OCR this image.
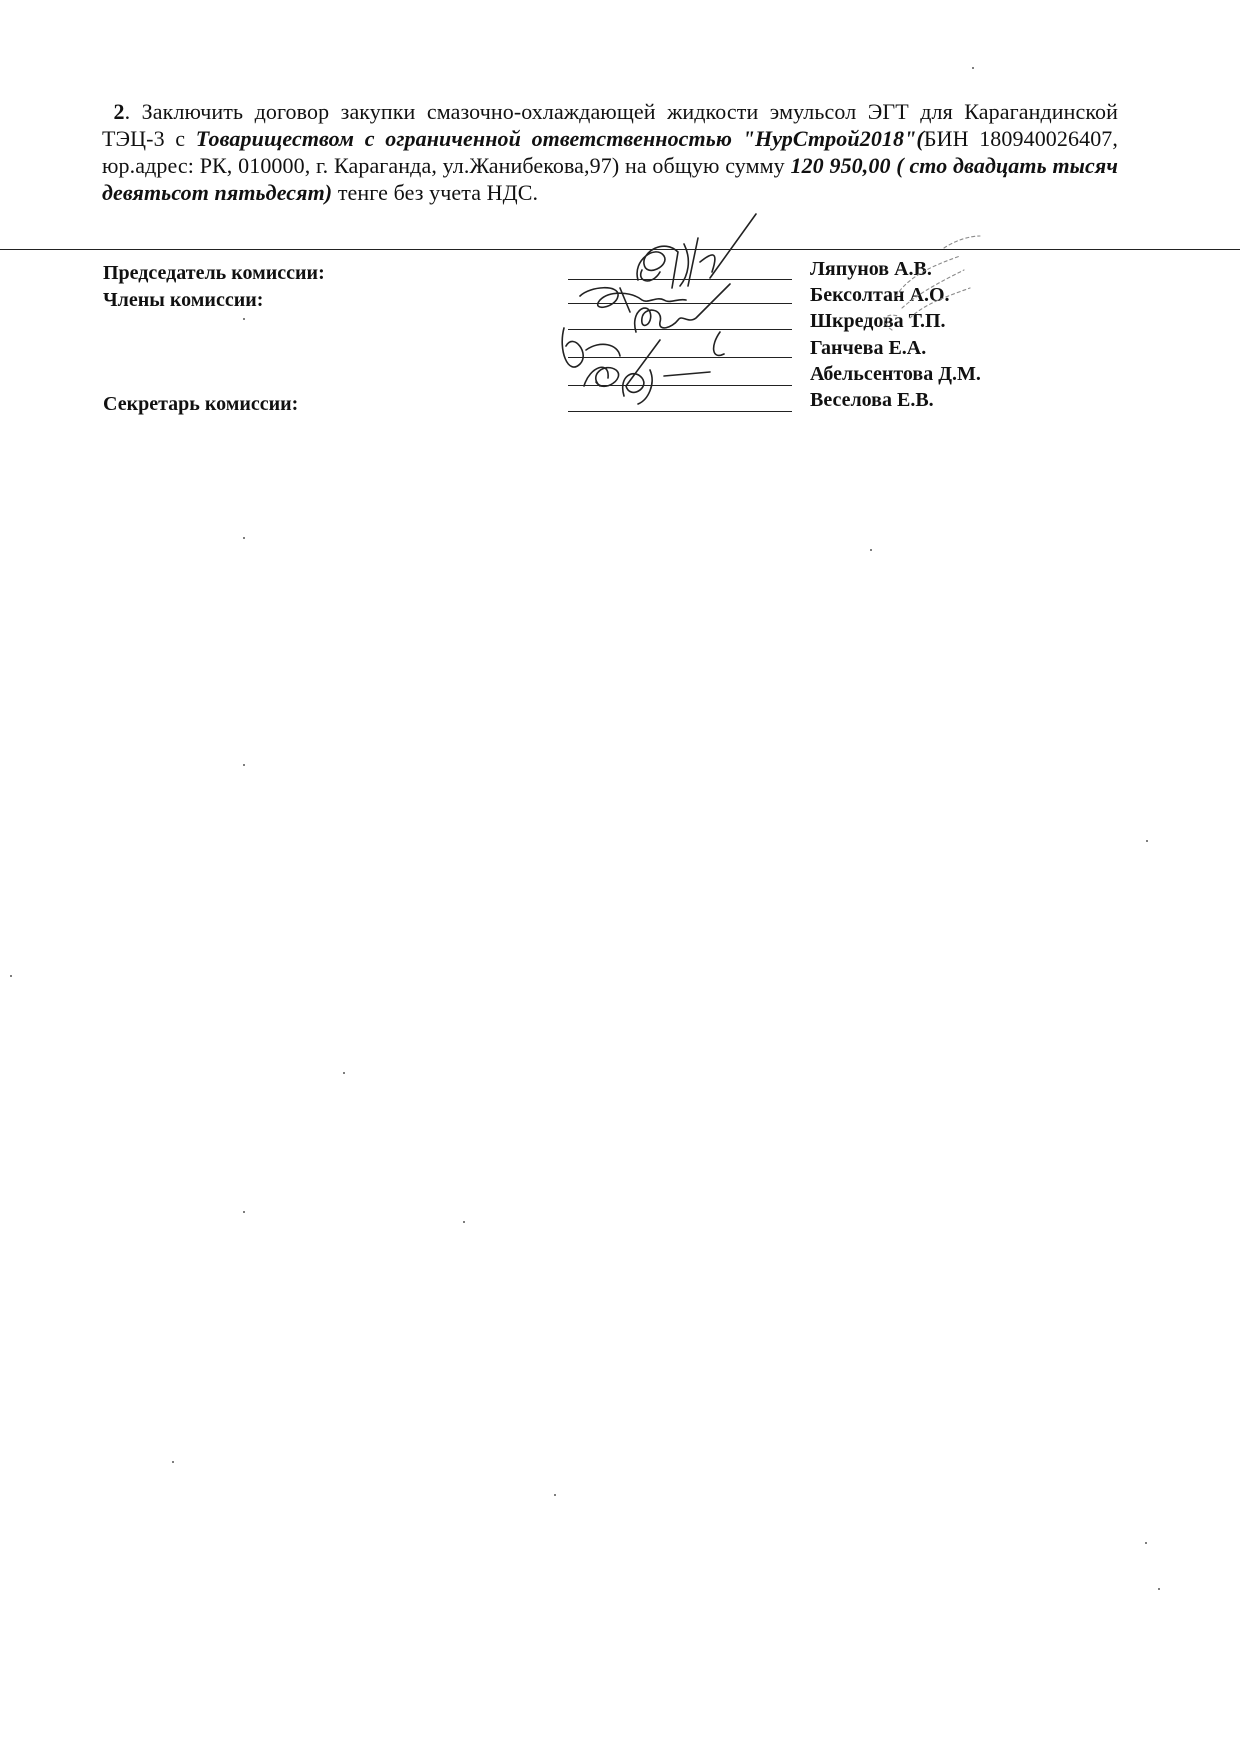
2. Заключить договор закупки смазочно-охлаждающей жидкости эмульсол ЭГТ для Карагандинской ТЭЦ-3 с Товариществом с ограниченной ответственностью "НурСтрой2018"(БИН 180940026407, юр.адрес: РК, 010000, г. Караганда, ул.Жанибекова,97) на общую сумму 120 950,00 ( сто двадцать тысяч девятьсот пятьдесят) тенге без учета НДС.
Председатель комиссии:
Члены комиссии:
Секретарь комиссии:
Ляпунов А.В.
Бексолтан А.О.
Шкредова Т.П.
Ганчева Е.А.
Абельсентова Д.М.
Веселова Е.В.
